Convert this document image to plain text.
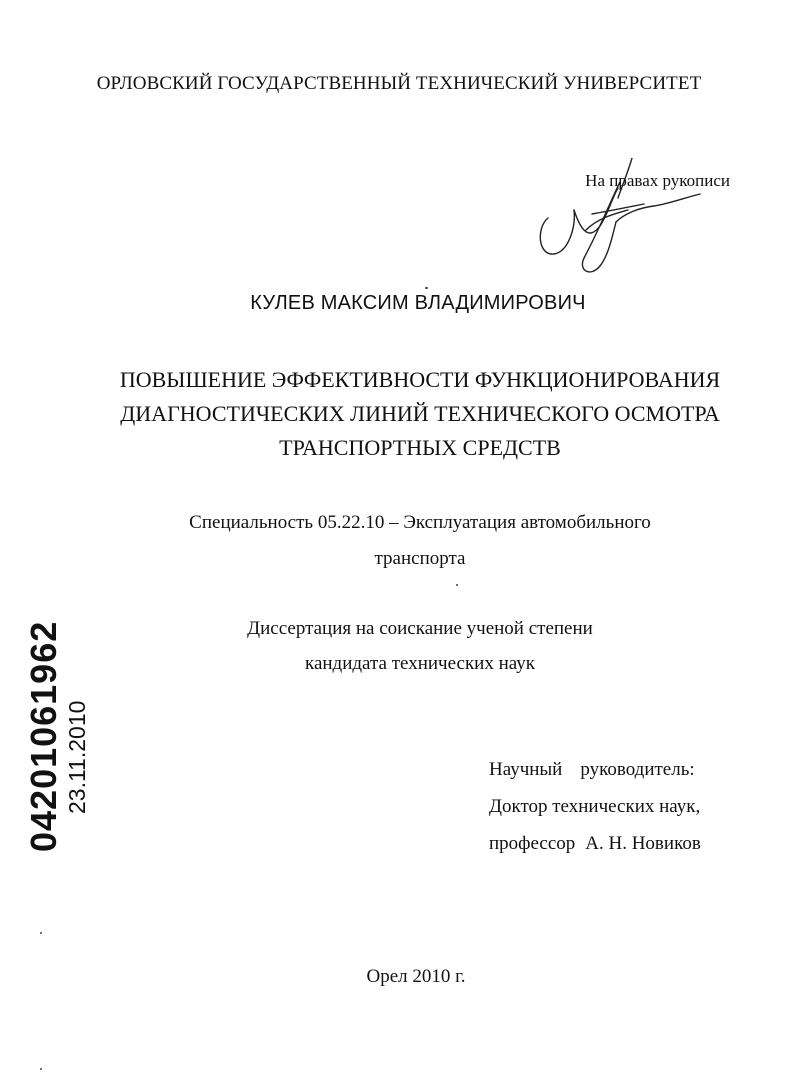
ОРЛОВСКИЙ ГОСУДАРСТВЕННЫЙ ТЕХНИЧЕСКИЙ УНИВЕРСИТЕТ
На правах рукописи
КУЛЕВ МАКСИМ ВЛАДИМИРОВИЧ
ПОВЫШЕНИЕ ЭФФЕКТИВНОСТИ ФУНКЦИОНИРОВАНИЯ
ДИАГНОСТИЧЕСКИХ ЛИНИЙ ТЕХНИЧЕСКОГО ОСМОТРА
ТРАНСПОРТНЫХ СРЕДСТВ
Специальность 05.22.10 – Эксплуатация автомобильного
транспорта
Диссертация на соискание ученой степени
кандидата технических наук
Научный руководитель:
Доктор технических наук,
профессор А. Н. Новиков
Орел 2010 г.
04201061962 23.11.2010
